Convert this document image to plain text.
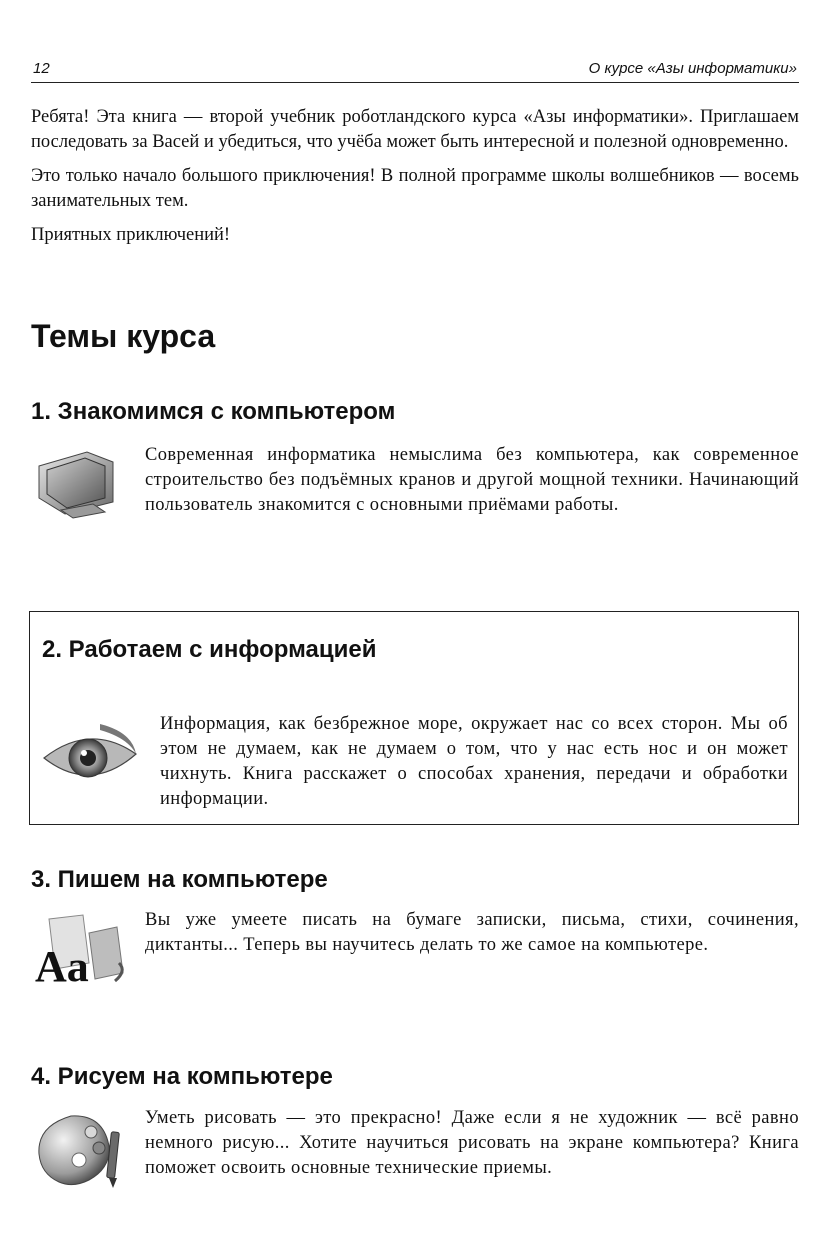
12	О курсе «Азы информатики»

Ребята! Эта книга — второй учебник роботландского курса «Азы информатики». Приглашаем последовать за Васей и убедиться, что учёба может быть интересной и полезной одновременно.

Это только начало большого приключения! В полной программе школы волшебников — восемь занимательных тем.

Приятных приключений!

Темы курса
1. Знакомимся с компьютером
Современная информатика немыслима без компьютера, как современное строительство без подъёмных кранов и другой мощной техники. Начинающий пользователь знакомится с основными приёмами работы.
2. Работаем с информацией
Информация, как безбрежное море, окружает нас со всех сторон. Мы об этом не думаем, как не думаем о том, что у нас есть нос и он может чихнуть. Книга расскажет о способах хранения, передачи и обработки информации.
3. Пишем на компьютере
Aa
Вы уже умеете писать на бумаге записки, письма, стихи, сочинения, диктанты... Теперь вы научитесь делать то же самое на компьютере.
4. Рисуем на компьютере
Уметь рисовать — это прекрасно! Даже если я не художник — всё равно немного рисую... Хотите научиться рисовать на экране компьютера? Книга поможет освоить основные технические приемы.
